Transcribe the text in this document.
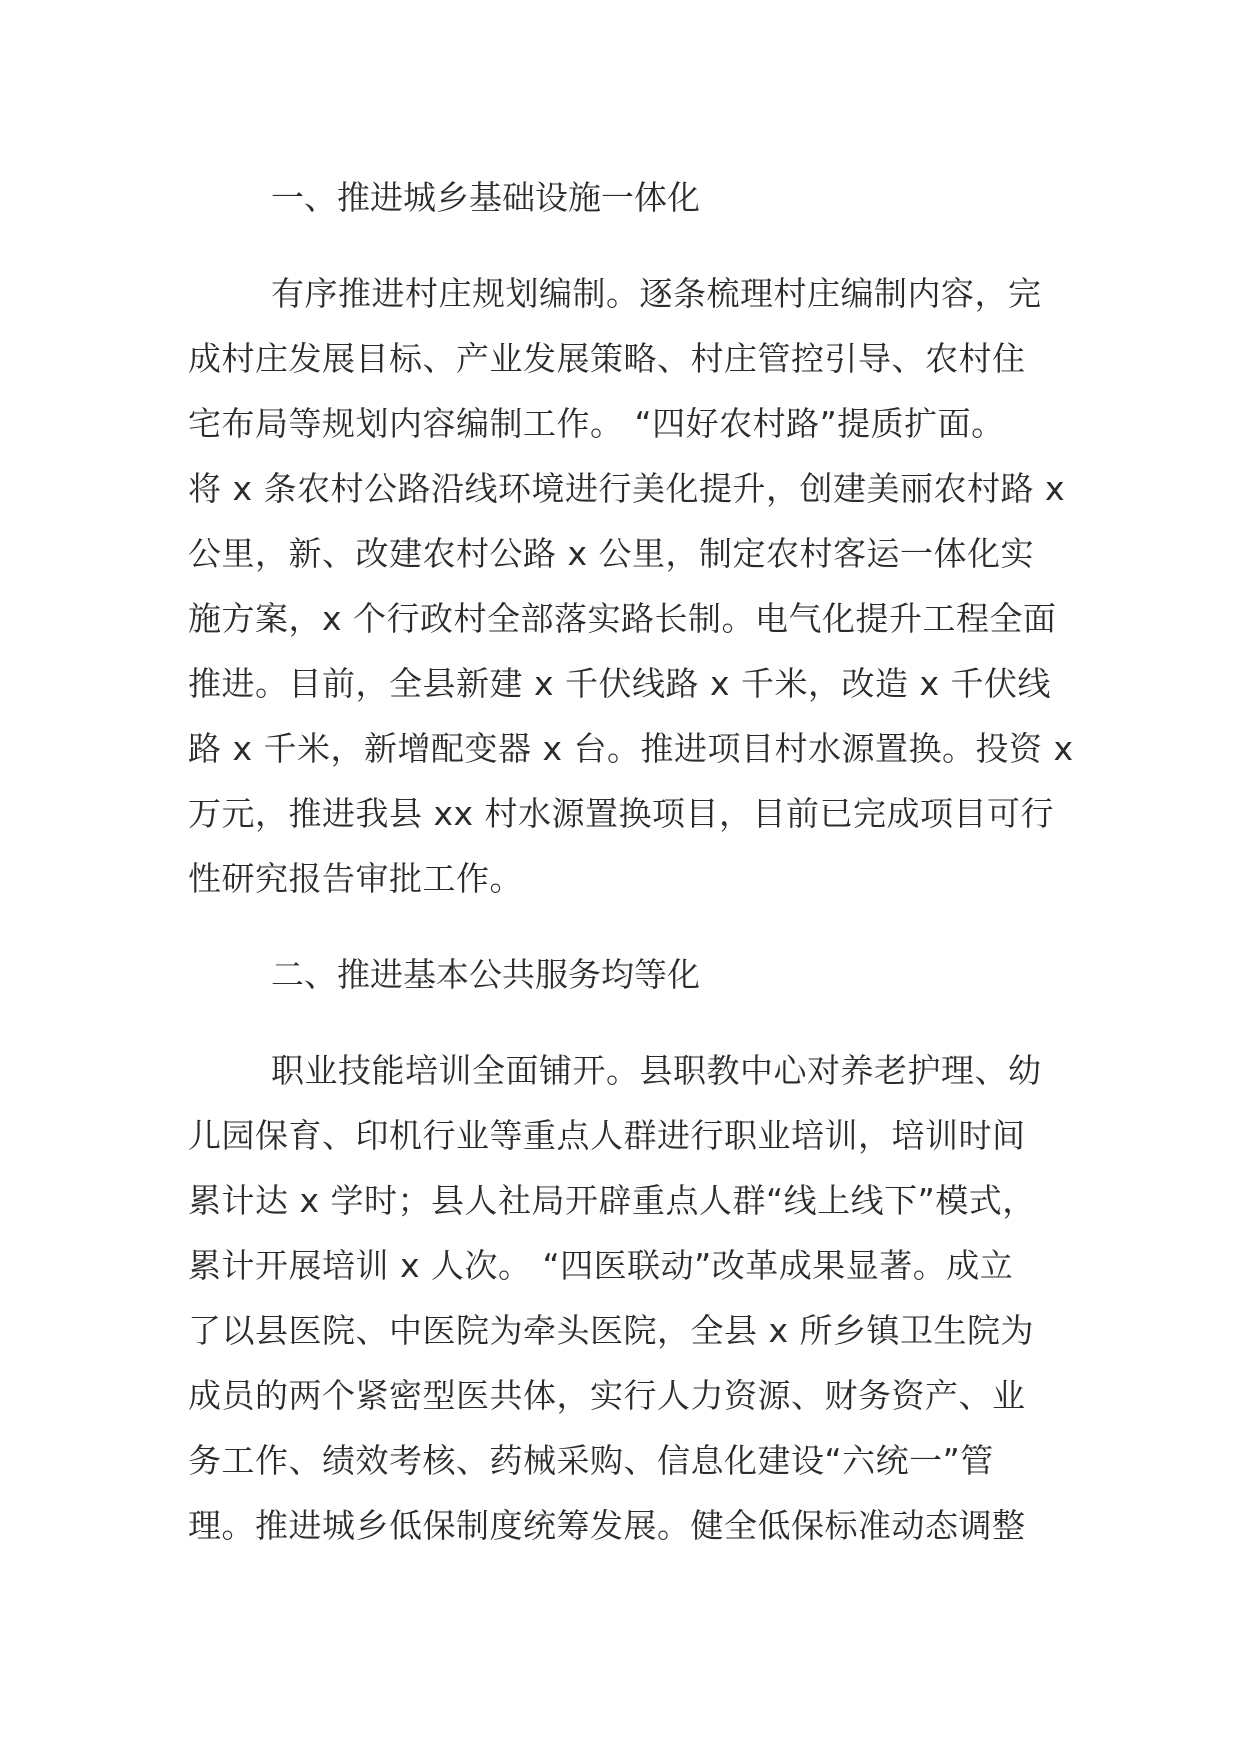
一、推进城乡基础设施一体化
有序推进村庄规划编制。逐条梳理村庄编制内容，完
成村庄发展目标、产业发展策略、村庄管控引导、农村住
宅布局等规划内容编制工作。 “四好农村路”提质扩面。
将 x 条农村公路沿线环境进行美化提升，创建美丽农村路 x
公里，新、改建农村公路 x 公里，制定农村客运一体化实
施方案，x 个行政村全部落实路长制。电气化提升工程全面
推进。目前，全县新建 x 千伏线路 x 千米，改造 x 千伏线
路 x 千米，新增配变器 x 台。推进项目村水源置换。投资 x
万元，推进我县 xx 村水源置换项目，目前已完成项目可行
性研究报告审批工作。
二、推进基本公共服务均等化
职业技能培训全面铺开。县职教中心对养老护理、幼
儿园保育、印机行业等重点人群进行职业培训，培训时间
累计达 x 学时；县人社局开辟重点人群“线上线下”模式，
累计开展培训 x 人次。 “四医联动”改革成果显著。成立
了以县医院、中医院为牵头医院，全县 x 所乡镇卫生院为
成员的两个紧密型医共体，实行人力资源、财务资产、业
务工作、绩效考核、药械采购、信息化建设“六统一”管
理。推进城乡低保制度统筹发展。健全低保标准动态调整
